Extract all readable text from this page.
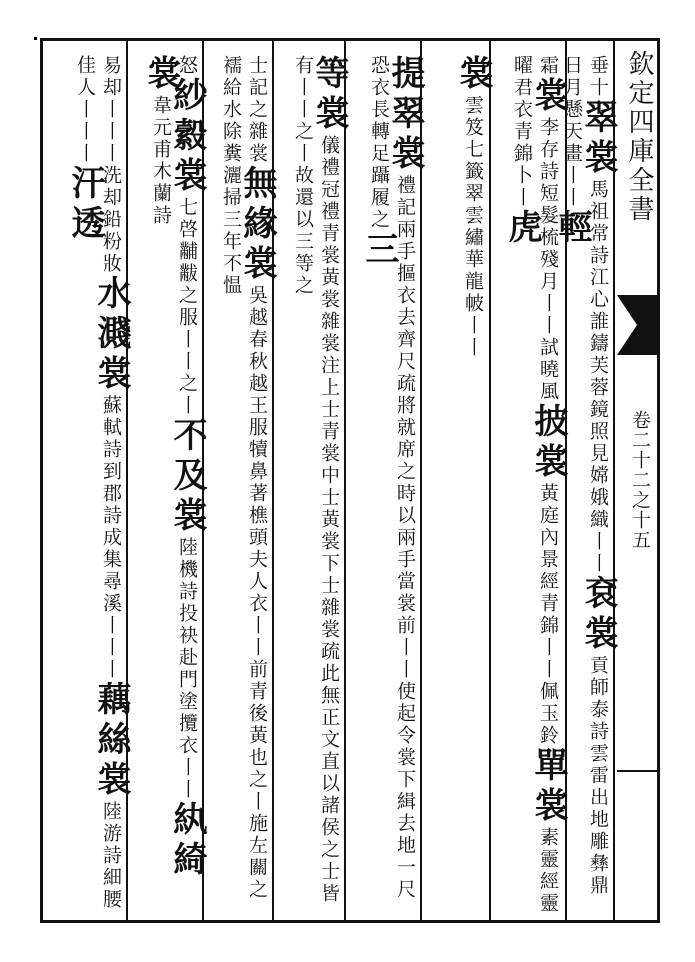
欽定四庫全書
卷二十二之十五
垂十翠裳馬祖常詩江心誰鑄芙蓉鏡照見嫦娥織丨丨袞裳貢師泰詩雲雷出地雕彝鼎日月懸天畫丨丨輕
霜裳李存詩短髮梳殘月丨丨試曉風披裳黃庭內景經青錦丨丨佩玉鈴單裳素靈經靈曜君衣青錦卜丨虎
裳雲笈七籤翠雲繡華龍帔丨丨
提翠裳禮記兩手摳衣去齊尺疏將就席之時以兩手當裳前丨丨使起令裳下緝去地一尺恐衣長轉足躡履之三
等裳儀禮冠禮青裳黃裳雜裳注上士青裳中士黃裳下士雜裳疏此無正文直以諸侯之士皆有丨丨之丨故還以三等之
士記之雜裳無緣裳吳越春秋越王服犢鼻著樵頭夫人衣丨丨前青後黃也之丨施左關之襦給水除糞灑掃三年不愠
怒紗縠裳七啓黼黻之服丨丨之丨不及裳陸機詩投袂赴門塗攬衣丨丨紈綺裳韋元甫木蘭詩
易却丨丨丨洗却鉛粉妝水濺裳蘇軾詩到郡詩成集尋溪丨丨丨藕絲裳陸游詩細腰佳人丨丨丨汗透
